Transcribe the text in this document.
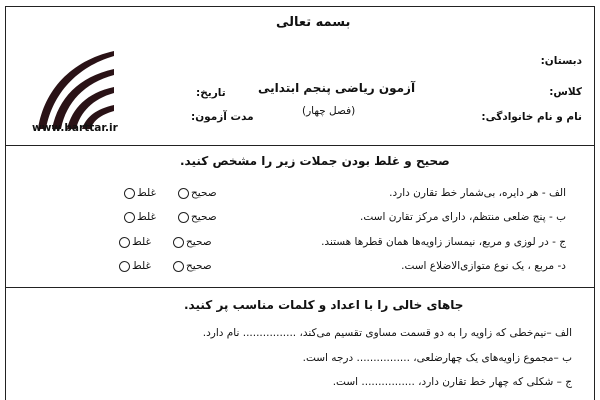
بسمه تعالی
دبستان:
کلاس:
نام و نام خانوادگی:
آزمون ریاضی پنجم ابتدایی
(فصل چهار)
تاریخ:
مدت آزمون:
www.barttar.ir
صحیح و غلط بودن جملات زیر را مشخص کنید.
الف - هر دایره، بی‌شمار خط تقارن دارد.
ب - پنج ضلعی منتظم، دارای مرکز تقارن است.
ج - در لوزی و مربع، نیمساز زاویه‌ها همان قطرها هستند.
د- مربع ، یک نوع متوازی‌الاضلاع است.
صحیح
غلط
صحیح
غلط
صحیح
غلط
صحیح
غلط
جاهای خالی را با اعداد و کلمات مناسب پر کنید.
الف –نیم‌خطی که زاویه را به دو قسمت مساوی تقسیم می‌کند، ................ نام دارد.
ب –مجموع زاویه‌های یک چهارضلعی، ................ درجه است.
ج – شکلی که چهار خط تقارن دارد، ................ است.
